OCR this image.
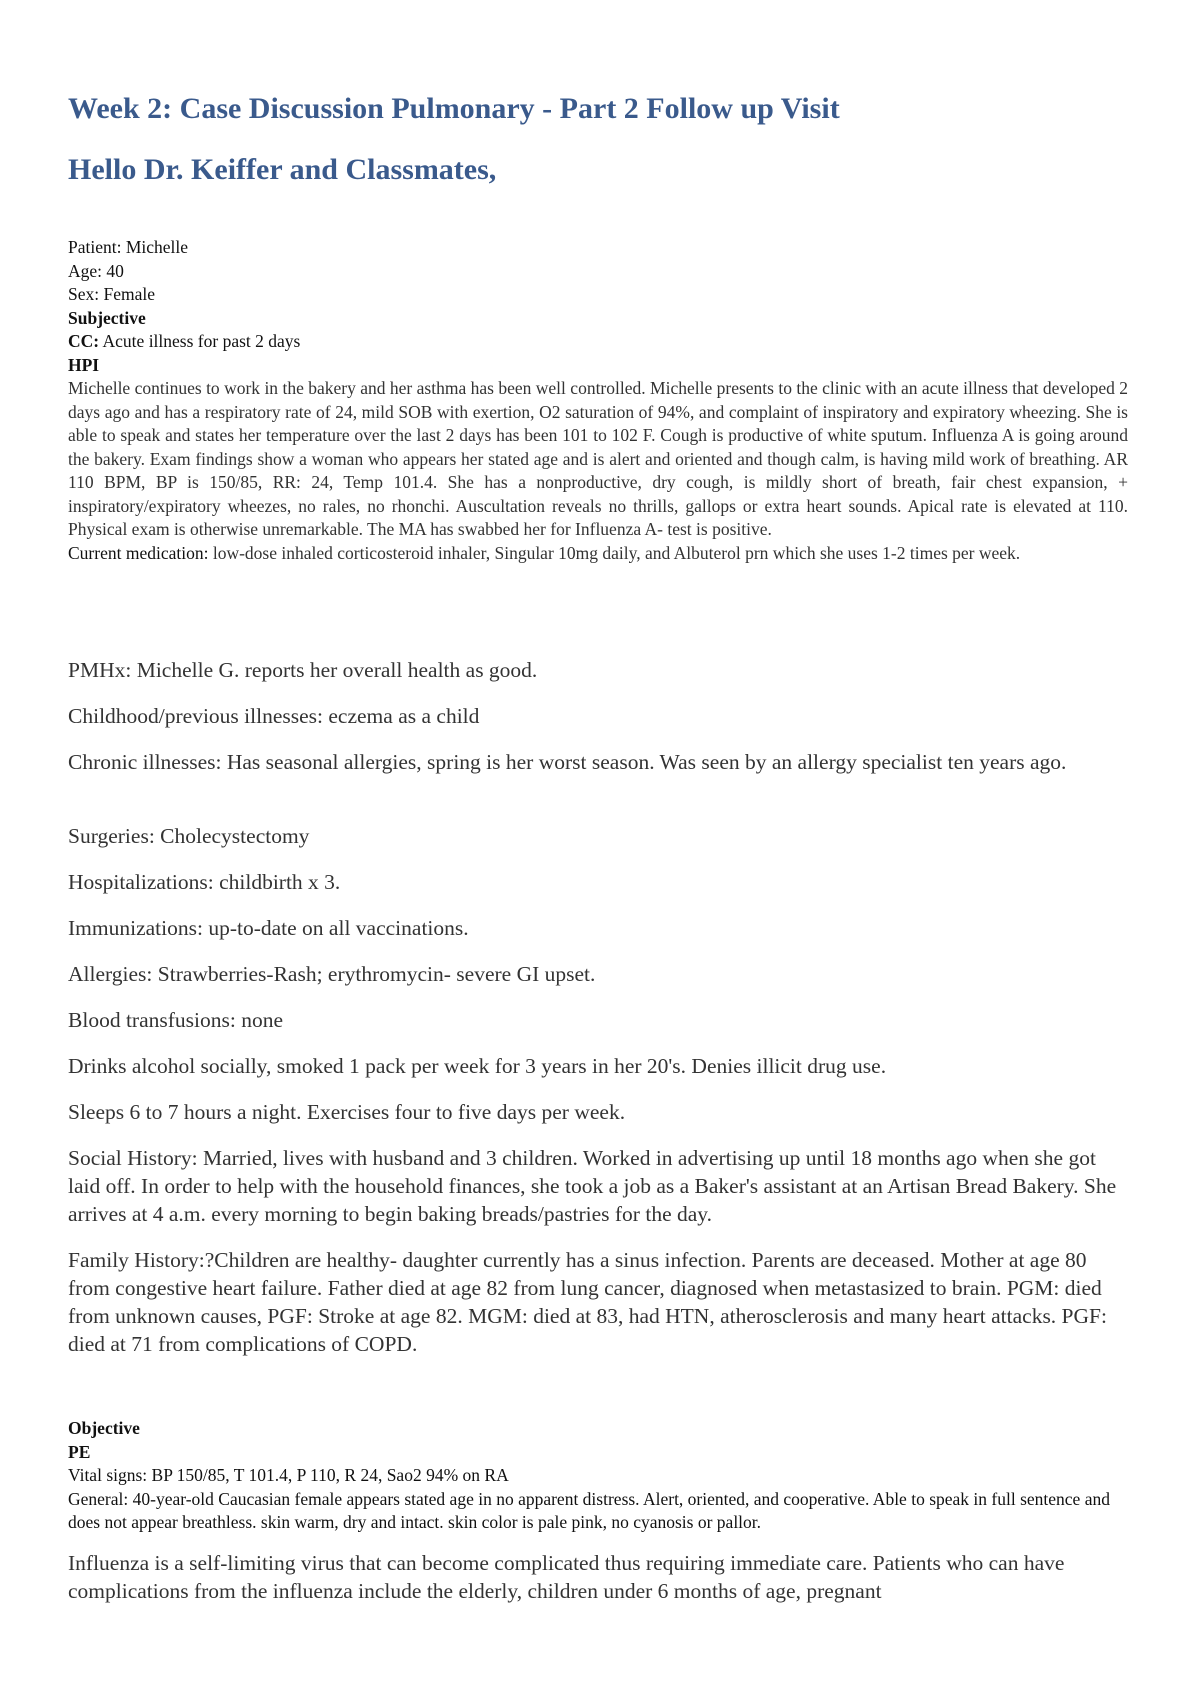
Week 2: Case Discussion Pulmonary - Part 2 Follow up Visit
Hello Dr. Keiffer and Classmates,
Patient: Michelle
Age: 40
Sex: Female
Subjective
CC: Acute illness for past 2 days
HPI
Michelle continues to work in the bakery and her asthma has been well controlled. Michelle presents to the clinic with an acute illness that developed 2 days ago and has a respiratory rate of 24, mild SOB with exertion, O2 saturation of 94%, and complaint of inspiratory and expiratory wheezing. She is able to speak and states her temperature over the last 2 days has been 101 to 102 F. Cough is productive of white sputum. Influenza A is going around the bakery. Exam findings show a woman who appears her stated age and is alert and oriented and though calm, is having mild work of breathing. AR 110 BPM, BP is 150/85, RR: 24, Temp 101.4. She has a nonproductive, dry cough, is mildly short of breath, fair chest expansion, + inspiratory/expiratory wheezes, no rales, no rhonchi. Auscultation reveals no thrills, gallops or extra heart sounds. Apical rate is elevated at 110. Physical exam is otherwise unremarkable. The MA has swabbed her for Influenza A- test is positive.
Current medication: low-dose inhaled corticosteroid inhaler, Singular 10mg daily, and Albuterol prn which she uses 1-2 times per week.

PMHx: Michelle G. reports her overall health as good.

Childhood/previous illnesses: eczema as a child

Chronic illnesses: Has seasonal allergies, spring is her worst season. Was seen by an allergy specialist ten years ago.

Surgeries: Cholecystectomy

Hospitalizations: childbirth x 3.

Immunizations: up-to-date on all vaccinations.

Allergies: Strawberries-Rash; erythromycin- severe GI upset.

Blood transfusions: none

Drinks alcohol socially, smoked 1 pack per week for 3 years in her 20's. Denies illicit drug use.

Sleeps 6 to 7 hours a night. Exercises four to five days per week.

Social History: Married, lives with husband and 3 children. Worked in advertising up until 18 months ago when she got laid off. In order to help with the household finances, she took a job as a Baker's assistant at an Artisan Bread Bakery. She arrives at 4 a.m. every morning to begin baking breads/pastries for the day.

Family History:?Children are healthy- daughter currently has a sinus infection. Parents are deceased. Mother at age 80 from congestive heart failure. Father died at age 82 from lung cancer, diagnosed when metastasized to brain. PGM: died from unknown causes, PGF: Stroke at age 82. MGM: died at 83, had HTN, atherosclerosis and many heart attacks. PGF: died at 71 from complications of COPD.

Objective
PE
Vital signs: BP 150/85, T 101.4, P 110, R 24, Sao2 94% on RA
General: 40-year-old Caucasian female appears stated age in no apparent distress. Alert, oriented, and cooperative. Able to speak in full sentence and does not appear breathless. skin warm, dry and intact. skin color is pale pink, no cyanosis or pallor.

Influenza is a self-limiting virus that can become complicated thus requiring immediate care. Patients who can have complications from the influenza include the elderly, children under 6 months of age, pregnant
